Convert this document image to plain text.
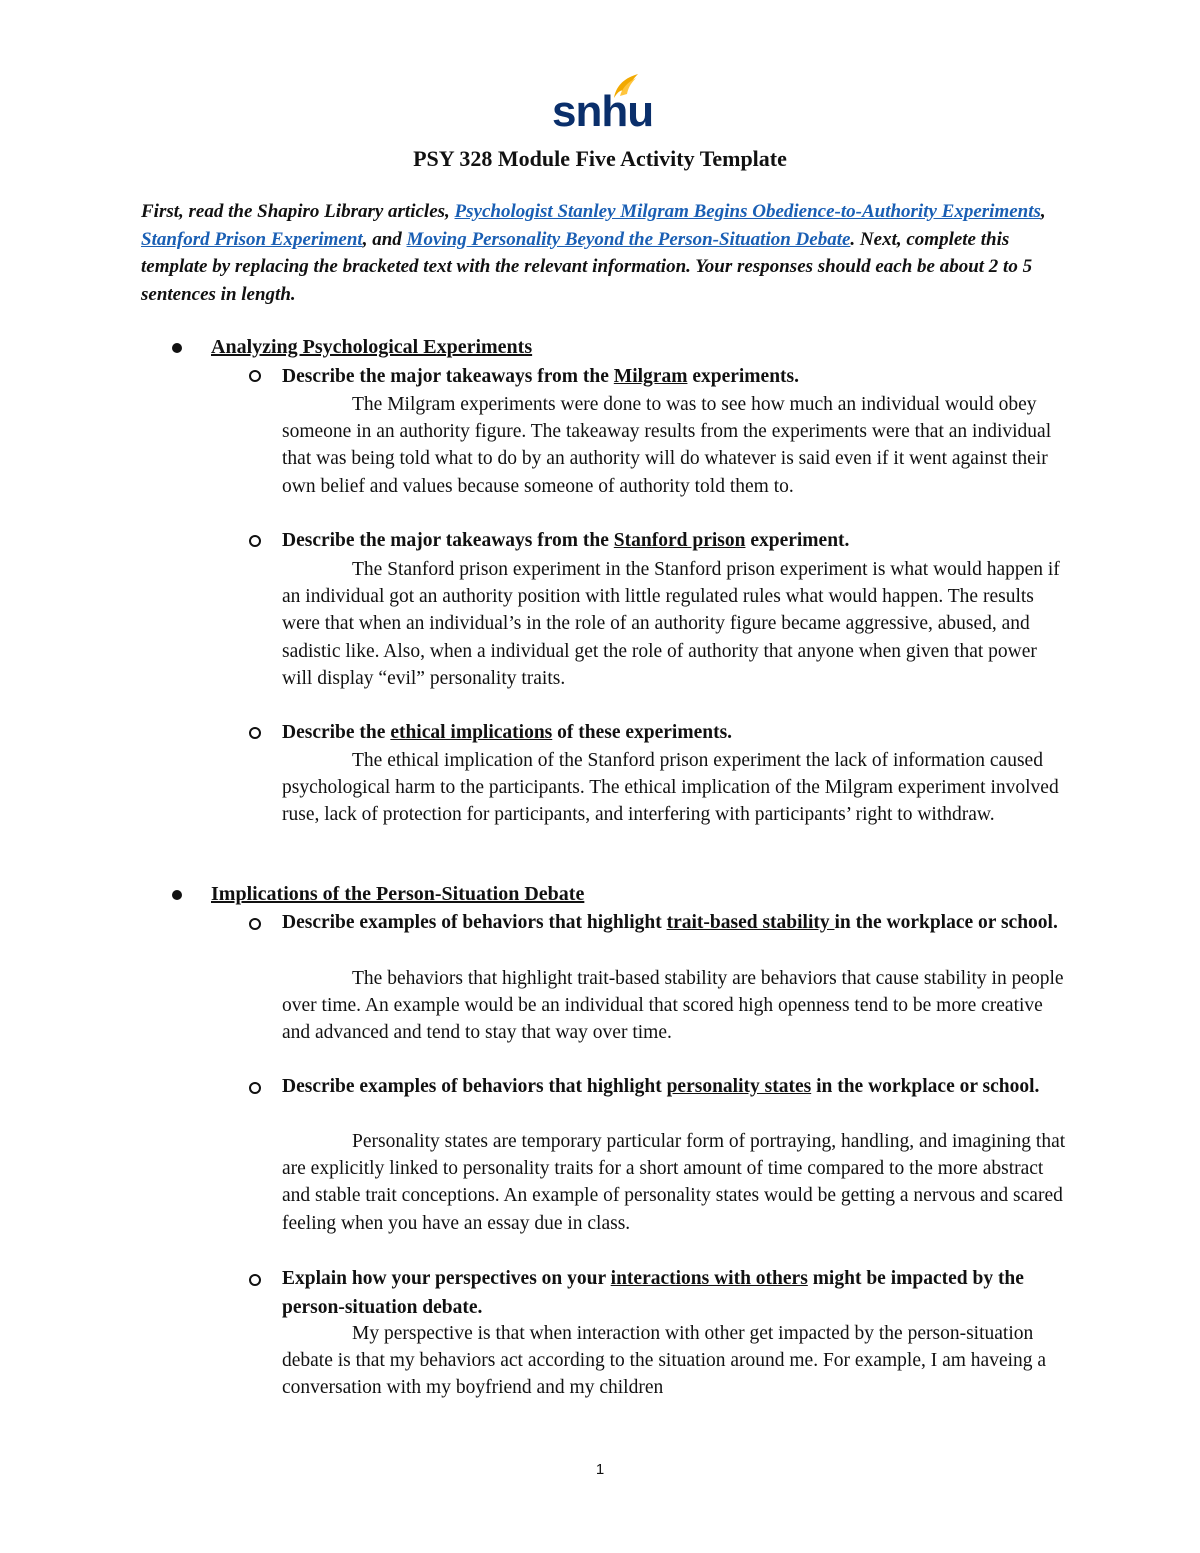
snhu
PSY 328 Module Five Activity Template
First, read the Shapiro Library articles, Psychologist Stanley Milgram Begins Obedience-to-Authority Experiments, Stanford Prison Experiment, and Moving Personality Beyond the Person-Situation Debate. Next, complete this template by replacing the bracketed text with the relevant information. Your responses should each be about 2 to 5 sentences in length.
Analyzing Psychological Experiments
Describe the major takeaways from the Milgram experiments.
The Milgram experiments were done to was to see how much an individual would obey someone in an authority figure. The takeaway results from the experiments were that an individual that was being told what to do by an authority will do whatever is said even if it went against their own belief and values because someone of authority told them to.
Describe the major takeaways from the Stanford prison experiment.
The Stanford prison experiment in the Stanford prison experiment is what would happen if an individual got an authority position with little regulated rules what would happen. The results were that when an individual’s in the role of an authority figure became aggressive, abused, and sadistic like. Also, when a individual get the role of authority that anyone when given that power will display “evil” personality traits.
Describe the ethical implications of these experiments.
The ethical implication of the Stanford prison experiment the lack of information caused psychological harm to the participants. The ethical implication of the Milgram experiment involved ruse, lack of protection for participants, and interfering with participants’ right to withdraw.
Implications of the Person-Situation Debate
Describe examples of behaviors that highlight trait-based stability in the workplace or school.
The behaviors that highlight trait-based stability are behaviors that cause stability in people over time. An example would be an individual that scored high openness tend to be more creative and advanced and tend to stay that way over time.
Describe examples of behaviors that highlight personality states in the workplace or school.
Personality states are temporary particular form of portraying, handling, and imagining that are explicitly linked to personality traits for a short amount of time compared to the more abstract and stable trait conceptions. An example of personality states would be getting a nervous and scared feeling when you have an essay due in class.
Explain how your perspectives on your interactions with others might be impacted by the person-situation debate.
My perspective is that when interaction with other get impacted by the person-situation debate is that my behaviors act according to the situation around me. For example, I am haveing a conversation with my boyfriend and my children
1
